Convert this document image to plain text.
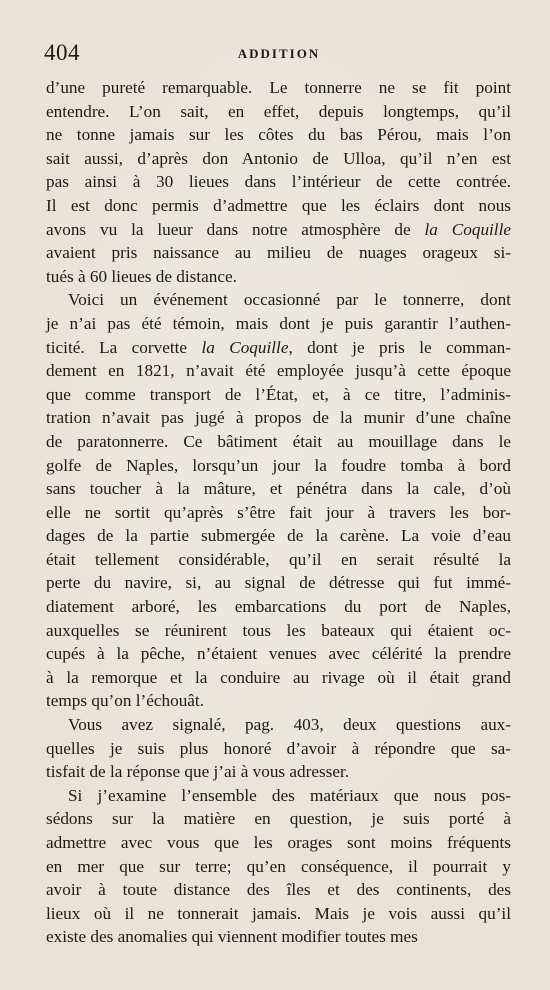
404	ADDITION
d’une pureté remarquable. Le tonnerre ne se fit point
entendre. L’on sait, en effet, depuis longtemps, qu’il
ne tonne jamais sur les côtes du bas Pérou, mais l’on
sait aussi, d’après don Antonio de Ulloa, qu’il n’en est
pas ainsi à 30 lieues dans l’intérieur de cette contrée.
Il est donc permis d’admettre que les éclairs dont nous
avons vu la lueur dans notre atmosphère de la Coquille
avaient pris naissance au milieu de nuages orageux si-
tués à 60 lieues de distance.
Voici un événement occasionné par le tonnerre, dont
je n’ai pas été témoin, mais dont je puis garantir l’authen-
ticité. La corvette la Coquille, dont je pris le comman-
dement en 1821, n’avait été employée jusqu’à cette époque
que comme transport de l’État, et, à ce titre, l’adminis-
tration n’avait pas jugé à propos de la munir d’une chaîne
de paratonnerre. Ce bâtiment était au mouillage dans le
golfe de Naples, lorsqu’un jour la foudre tomba à bord
sans toucher à la mâture, et pénétra dans la cale, d’où
elle ne sortit qu’après s’être fait jour à travers les bor-
dages de la partie submergée de la carène. La voie d’eau
était tellement considérable, qu’il en serait résulté la
perte du navire, si, au signal de détresse qui fut immé-
diatement arboré, les embarcations du port de Naples,
auxquelles se réunirent tous les bateaux qui étaient oc-
cupés à la pêche, n’étaient venues avec célérité la prendre
à la remorque et la conduire au rivage où il était grand
temps qu’on l’échouât.
Vous avez signalé, pag. 403, deux questions aux-
quelles je suis plus honoré d’avoir à répondre que sa-
tisfait de la réponse que j’ai à vous adresser.
Si j’examine l’ensemble des matériaux que nous pos-
sédons sur la matière en question, je suis porté à
admettre avec vous que les orages sont moins fréquents
en mer que sur terre; qu’en conséquence, il pourrait y
avoir à toute distance des îles et des continents, des
lieux où il ne tonnerait jamais. Mais je vois aussi qu’il
existe des anomalies qui viennent modifier toutes mes
